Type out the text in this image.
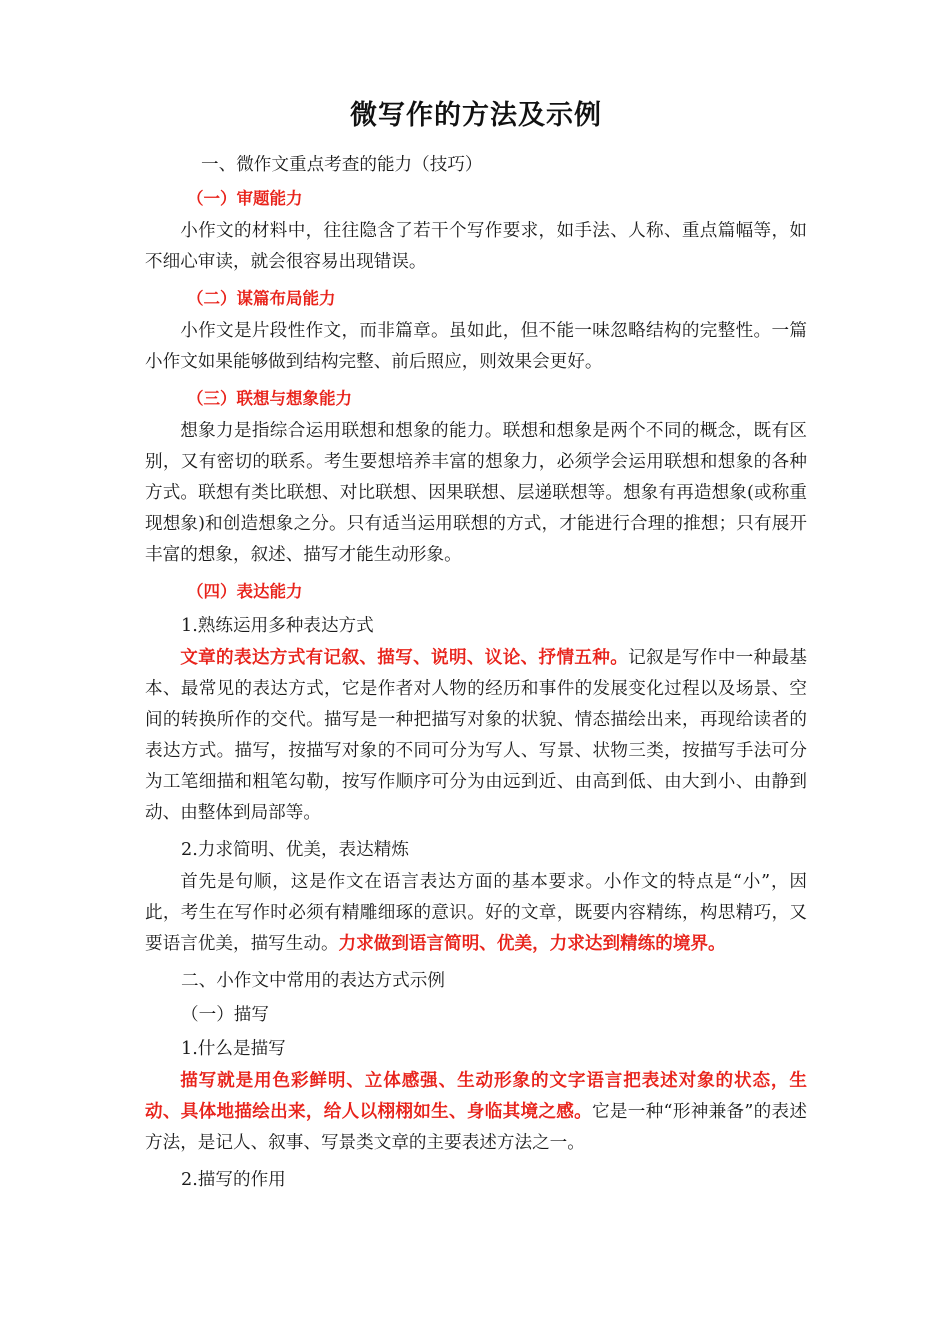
微写作的方法及示例
一、微作文重点考查的能力（技巧）
（一）审题能力

小作文的材料中，往往隐含了若干个写作要求，如手法、人称、重点篇幅等，如不细心审读，就会很容易出现错误。

（二）谋篇布局能力

小作文是片段性作文，而非篇章。虽如此，但不能一味忽略结构的完整性。一篇小作文如果能够做到结构完整、前后照应，则效果会更好。

（三）联想与想象能力

想象力是指综合运用联想和想象的能力。联想和想象是两个不同的概念，既有区别，又有密切的联系。考生要想培养丰富的想象力，必须学会运用联想和想象的各种方式。联想有类比联想、对比联想、因果联想、层递联想等。想象有再造想象(或称重现想象)和创造想象之分。只有适当运用联想的方式，才能进行合理的推想；只有展开丰富的想象，叙述、描写才能生动形象。

（四）表达能力
1.熟练运用多种表达方式

文章的表达方式有记叙、描写、说明、议论、抒情五种。记叙是写作中一种最基本、最常见的表达方式，它是作者对人物的经历和事件的发展变化过程以及场景、空间的转换所作的交代。描写是一种把描写对象的状貌、情态描绘出来，再现给读者的表达方式。描写，按描写对象的不同可分为写人、写景、状物三类，按描写手法可分为工笔细描和粗笔勾勒，按写作顺序可分为由远到近、由高到低、由大到小、由静到动、由整体到局部等。

2.力求简明、优美，表达精炼

首先是句顺，这是作文在语言表达方面的基本要求。小作文的特点是“小”，因此，考生在写作时必须有精雕细琢的意识。好的文章，既要内容精练，构思精巧，又要语言优美，描写生动。力求做到语言简明、优美，力求达到精练的境界。

二、小作文中常用的表达方式示例
（一）描写
1.什么是描写

描写就是用色彩鲜明、立体感强、生动形象的文字语言把表述对象的状态，生动、具体地描绘出来，给人以栩栩如生、身临其境之感。它是一种“形神兼备”的表述方法，是记人、叙事、写景类文章的主要表述方法之一。

2.描写的作用
